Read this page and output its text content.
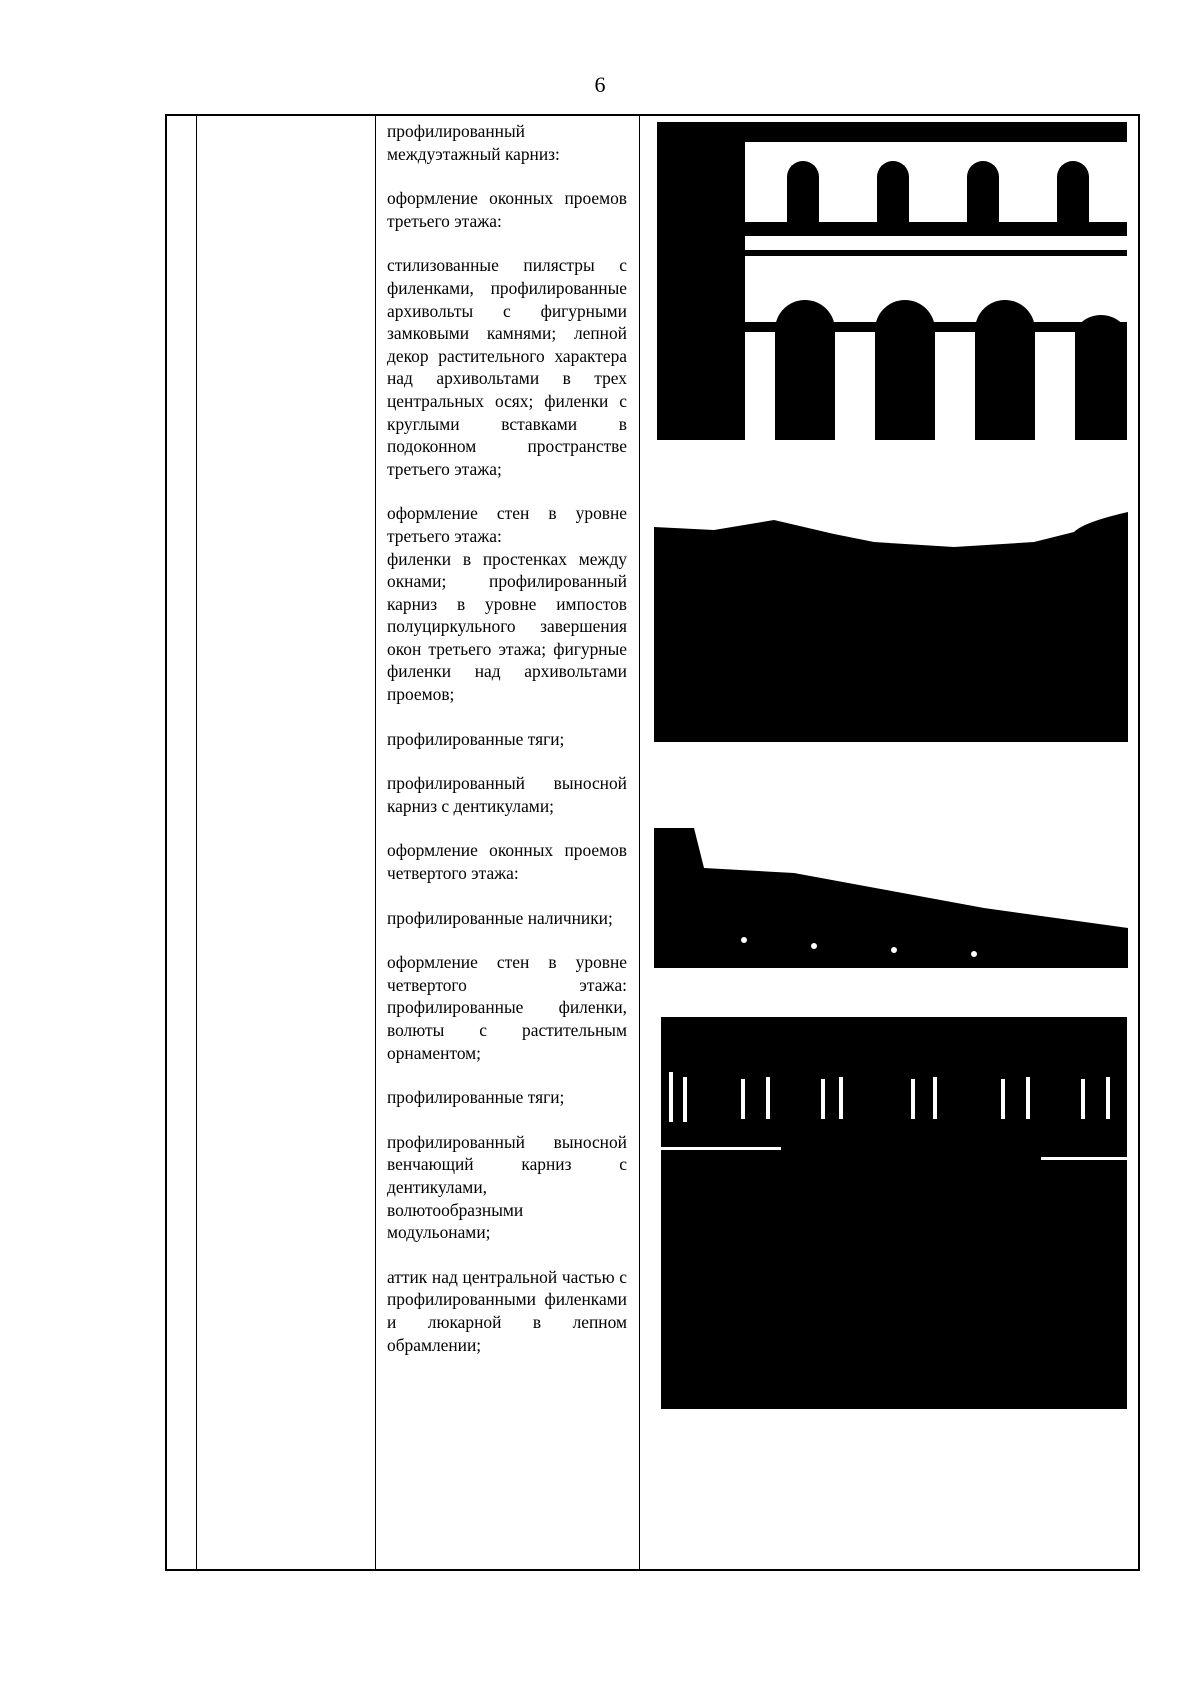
6

профилированный междуэтажный карниз:

оформление оконных проемов третьего этажа:

стилизованные пилястры с филенками, профилированные архивольты с фигурными замковыми камнями; лепной декор растительного характера над архивольтами в трех центральных осях; филенки с круглыми вставками в подоконном пространстве третьего этажа;

оформление стен в уровне третьего этажа:

филенки в простенках между окнами; профилированный карниз в уровне импостов полуциркульного завершения окон третьего этажа; фигурные филенки над архивольтами проемов;

профилированные тяги;

профилированный выносной карниз с дентикулами;

оформление оконных проемов четвертого этажа:

профилированные наличники;

оформление стен в уровне четвертого этажа: профилированные филенки, волюты с растительным орнаментом;

профилированные тяги;

профилированный выносной венчающий карниз с дентикулами, волютообразными модульонами;

аттик над центральной частью с профилированными филенками и люкарной в лепном обрамлении;
